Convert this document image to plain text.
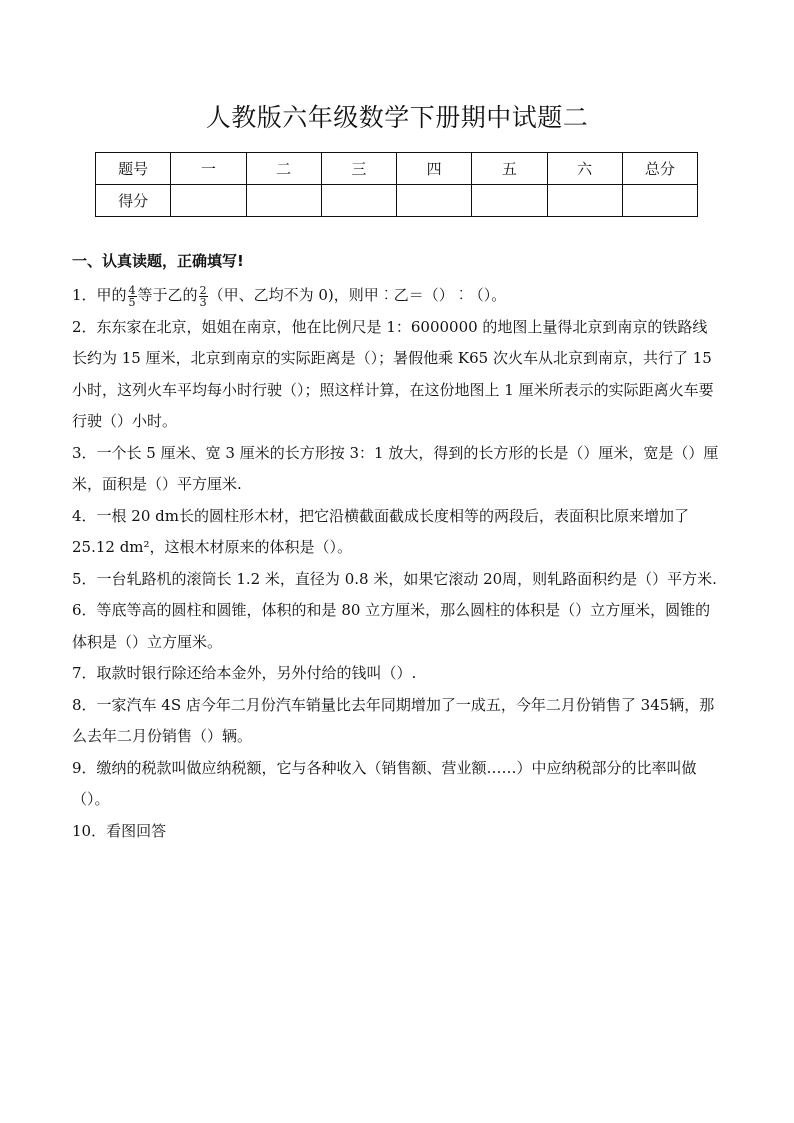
人教版六年级数学下册期中试题二
题号	一	二	三	四	五	六	总分
得分							
一、认真读题，正确填写!

1．甲的 $\frac{4}{5}$ 等于乙的 $\frac{2}{3}$ （甲、乙均不为 0)，则甲︰乙＝（）︰（）。

2．东东家在北京，姐姐在南京，他在比例尺是 1：6000000 的地图上量得北京到南京的铁路线长约为 15 厘米，北京到南京的实际距离是（）；暑假他乘 K65 次火车从北京到南京，共行了 15 小时，这列火车平均每小时行驶（）；照这样计算，在这份地图上 1 厘米所表示的实际距离火车要行驶（）小时。

3．一个长 5 厘米、宽 3 厘米的长方形按 3：1 放大，得到的长方形的长是（）厘米，宽是（）厘米，面积是（）平方厘米.

4．一根 20 dm长的圆柱形木材，把它沿横截面截成长度相等的两段后，表面积比原来增加了 25.12 dm²，这根木材原来的体积是（）。

5．一台轧路机的滚筒长 1.2 米，直径为 0.8 米，如果它滚动 20周，则轧路面积约是（）平方米.

6．等底等高的圆柱和圆锥，体积的和是 80 立方厘米，那么圆柱的体积是（）立方厘米，圆锥的体积是（）立方厘米。

7．取款时银行除还给本金外，另外付给的钱叫（）.

8．一家汽车 4S 店今年二月份汽车销量比去年同期增加了一成五，今年二月份销售了 345辆，那么去年二月份销售（）辆。

9．缴纳的税款叫做应纳税额，它与各种收入（销售额、营业额……）中应纳税部分的比率叫做（）。

10．看图回答
